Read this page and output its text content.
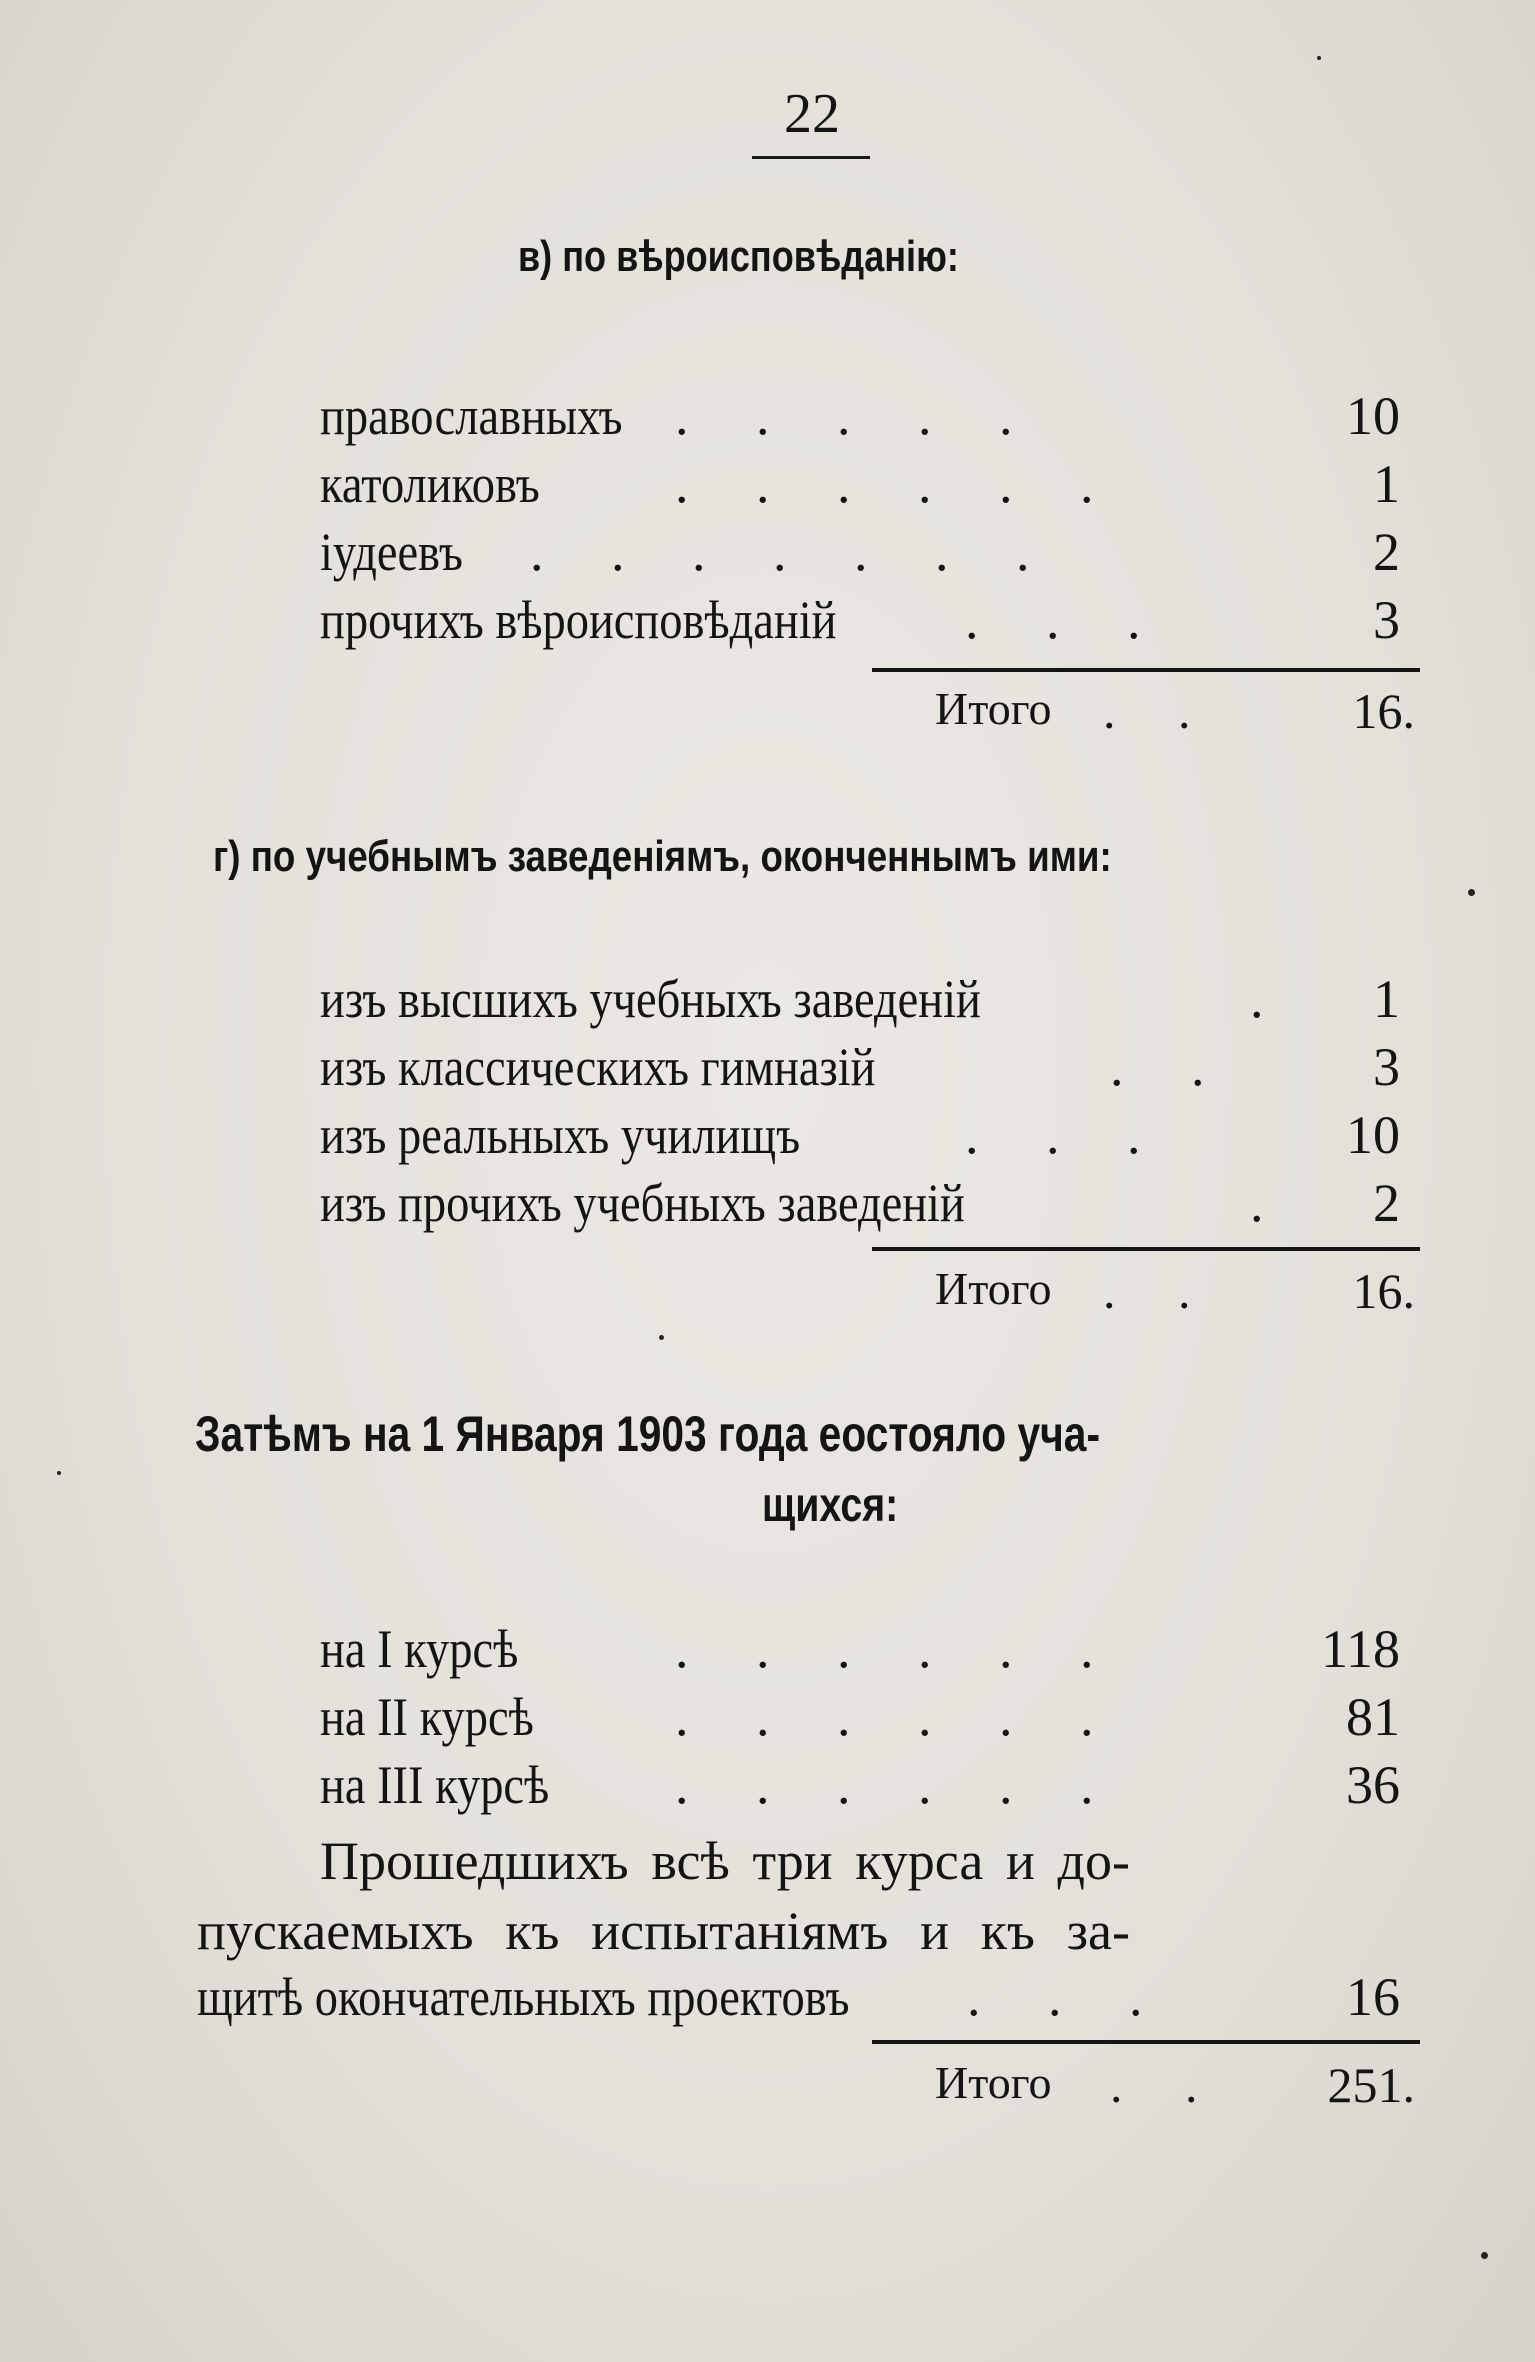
22
в) по вѣроисповѣданію:
православныхъ .     .     .     .     .	10
католиковъ	.     .     .     .     .     .	1
іудеевъ .     .     .     .     .     .     .	2
прочихъ вѣроисповѣданій .     .     .	3
Итого .     .	16.
г) по учебнымъ заведеніямъ, оконченнымъ ими:
изъ высшихъ учебныхъ заведеній	. 1
изъ классическихъ гимназій	.     .	3
изъ реальныхъ училищъ	.     .     .	10
изъ прочихъ учебныхъ заведеній	. 2
Итого .     .	16.
Затѣмъ на 1 Января 1903 года еостояло уча-
щихся:
на I курсѣ	.     .     .     .     .     .	118
на II курсѣ	.     .     .     .     .     .	81
на III курсѣ .     .     .     .     .     .	36
Прошедшихъ всѣ три курса и до-
пускаемыхъ къ испытаніямъ и къ за-
щитѣ окончательныхъ проектовъ .     .     .	16
Итого .     .	251.
